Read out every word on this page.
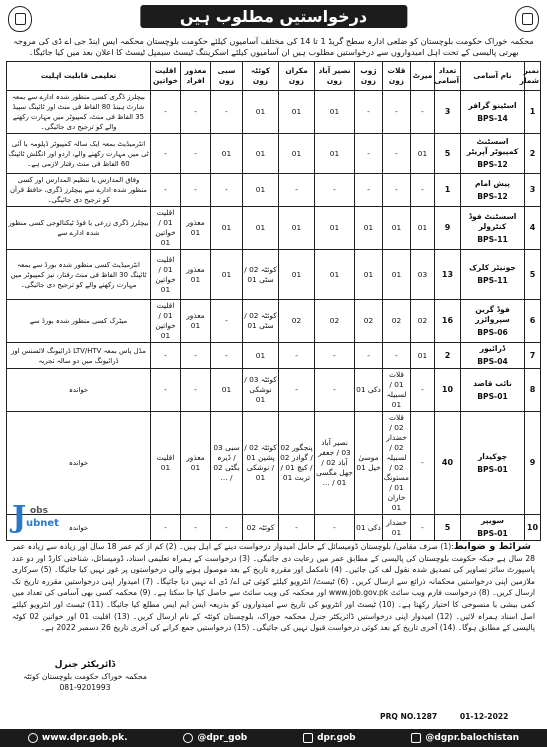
درخواستیں مطلوب ہیں
محکمہ خوراک حکومت بلوچستان کو ضلعی ادارہ سطح گریڈ 1 تا 14 کی مختلف آسامیوں کیلئے حکومت بلوچستان محکمہ ایس اینڈ جی اے ڈی کی مروجہ بھرتی پالیسی کے تحت اہل امیدواروں سے درخواستیں مطلوب ہیں ان آسامیوں کیلئے اسکریننگ ٹیسٹ سیمپل ٹیسٹ کا اعلان بعد میں کیا جائیگا۔
نمبر شمار	نام آسامی	تعداد آسامی	میرٹ	قلات زون	ژوب زون	نصیر آباد زون	مکران زون	کوئٹہ زون	سبی زون	معذور افراد	اقلیت خواتین	تعلیمی قابلیت اہلیت
1	اسٹینو گرافر
BPS-14	3	-	-	-	01	01	01	-	-	-	بیچلرز ڈگری کسی منظور شدہ ادارے سے بمعہ شارٹ ہینڈ 80 الفاظ فی منٹ اور ٹائپنگ سپیڈ 35 الفاظ فی منٹ، کمپیوٹر میں مہارت رکھنے والے کو ترجیح دی جائیگی۔
2	اسسٹنٹ کمپیوٹر آپریٹر
BPS-12	5	01	-	-	01	01	01	01	-	-	انٹرمیڈیٹ بمعہ ایک سالہ کمپیوٹر ڈپلومہ یا آئی ٹی میں مہارت رکھنے والے، اردو اور انگلش ٹائپنگ 60 الفاظ فی منٹ رفتار لازمی ہے۔
3	پیش امام
BPS-12	1	-	-	-	-	-	01	-	-	-	وفاق المدارس یا تنظیم المدارس اور کسی منظور شدہ ادارے سے بیچلرز ڈگری، حافظ قرآن کو ترجیح دی جائیگی۔
4	اسسٹنٹ فوڈ کنٹرولر
BPS-11	9	01	01	01	01	01	01	01	معذور 01	اقلیت 01 / خواتین 01	بیچلرز ڈگری زرعی یا فوڈ ٹیکنالوجی کسی منظور شدہ ادارے سے
5	جونیئر کلرک
BPS-11	13	03	01	01	01	01	کوئٹہ 02 / سٹی 01	01	معذور 01	اقلیت 01 / خواتین 01	انٹرمیڈیٹ کسی منظور شدہ بورڈ سے بمعہ ٹائپنگ 30 الفاظ فی منٹ رفتار، نیز کمپیوٹر میں مہارت رکھنے والے کو ترجیح دی جائیگی۔
6	فوڈ گرین سپروائزر
BPS-06	16	02	02	02	02	02	کوئٹہ 02 / سٹی 01	-	معذور 01	اقلیت 01 / خواتین 01	میٹرک کسی منظور شدہ بورڈ سے
7	ڈرائیور
BPS-04	2	01	-	-	-	-	01	-	-	-	مڈل پاس بمعہ LTV/HTV ڈرائیونگ لائسنس اور ڈرائیونگ میں دو سالہ تجربہ
8	نائب قاصد
BPS-01	10	-	قلات 01 / لسبیلہ 01	دکی 01	-	-	کوئٹہ 03 / نوشکی 01	01	-	-	خواندہ
9	چوکیدار
BPS-01	40	-	قلات 02 / خضدار 02 / لسبیلہ 02 / مستونگ 01 / خاران 01	موسیٰ خیل 01	نصیر آباد 03 / جعفر آباد 02 / جھل مگسی 01 / ...	پنجگور 02 / گوادر 02 / کیچ 01 / تربت 01	کوئٹہ 02 / پشین 01 / نوشکی 01	سبی 03 / ڈیرہ بگٹی 02 / ...	معذور 01	اقلیت 01	خواندہ
10	سویپر
BPS-01	5	-	خضدار 01	دکی 01	-	-	کوئٹہ 02	-	-	-	خواندہ
شرائط و ضوابط:(1) صرف مقامی/ بلوچستان ڈومیسائل کے حامل امیدوار درخواست دینے کے اہل ہیں۔ (2) کم از کم عمر 18 سال اور زیادہ سے زیادہ عمر 28 سال ہے جبکہ حکومت بلوچستان کی پالیسی کے مطابق عمر میں رعایت دی جائیگی۔ (3) درخواست کے ہمراہ تعلیمی اسناد، ڈومیسائل، شناختی کارڈ اور دو عدد پاسپورٹ سائز تصاویر کی تصدیق شدہ نقول لف کی جائیں۔ (4) نامکمل اور مقررہ تاریخ کے بعد موصول ہونے والی درخواستوں پر غور نہیں کیا جائیگا۔ (5) سرکاری ملازمین اپنی درخواستیں محکمانہ ذرائع سے ارسال کریں۔ (6) ٹیسٹ/ انٹرویو کیلئے کوئی ٹی اے/ ڈی اے نہیں دیا جائیگا۔ (7) امیدوار اپنی درخواستیں مقررہ تاریخ تک ارسال کریں۔ (8) درخواست فارم ویب سائٹ www.job.gov.pk اور محکمہ کی ویب سائٹ سے حاصل کیا جا سکتا ہے۔ (9) محکمہ کسی بھی آسامی کی تعداد میں کمی بیشی یا منسوخی کا اختیار رکھتا ہے۔ (10) ٹیسٹ اور انٹرویو کی تاریخ سے امیدواروں کو بذریعہ ایس ایم ایس مطلع کیا جائیگا۔ (11) ٹیسٹ اور انٹرویو کیلئے اصل اسناد ہمراہ لائیں۔ (12) امیدوار اپنی درخواستیں ڈائریکٹر جنرل محکمہ خوراک، بلوچستان کوئٹہ کے نام ارسال کریں۔ (13) اقلیت 01 اور خواتین 02 کوٹہ پالیسی کے مطابق ہوگا۔ (14) آخری تاریخ کے بعد کوئی درخواست قبول نہیں کی جائیگی۔ (15) درخواستیں جمع کرانے کی آخری تاریخ 26 دسمبر 2022 ہے۔
J obs
ubnet
ڈائریکٹر جنرل
محکمہ خوراک حکومت بلوچستان کوئٹہ
081-9201993
PRQ NO.1287	01-12-2022
www.dpr.gob.pk.	@dpr_gob	dpr.gob	@dgpr.balochistan
